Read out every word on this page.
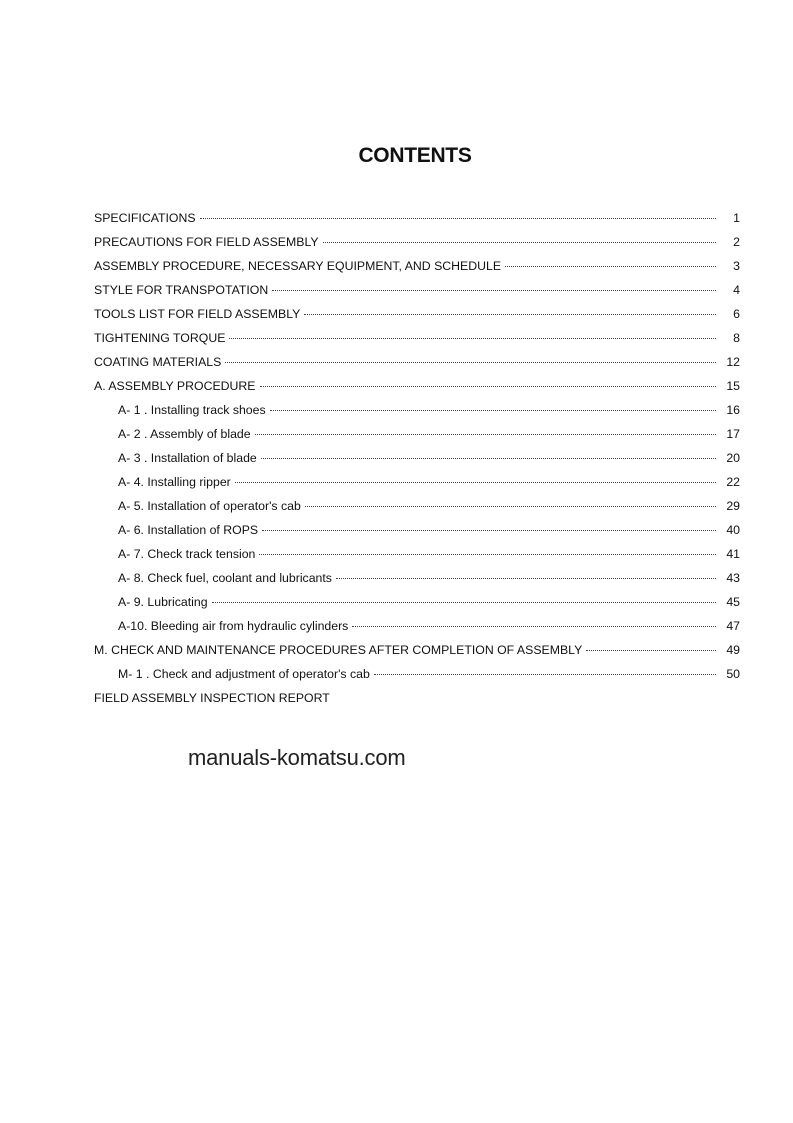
CONTENTS
SPECIFICATIONS	1
PRECAUTIONS FOR FIELD ASSEMBLY	2
ASSEMBLY PROCEDURE, NECESSARY EQUIPMENT, AND SCHEDULE	3
STYLE FOR TRANSPOTATION	4
TOOLS LIST FOR FIELD ASSEMBLY	6
TIGHTENING TORQUE	8
COATING MATERIALS	12
A. ASSEMBLY PROCEDURE	15
A- 1 . Installing track shoes	16
A- 2 . Assembly of blade	17
A- 3 . Installation of blade	20
A- 4. Installing ripper	22
A- 5. Installation of operator's cab	29
A- 6. Installation of ROPS	40
A- 7. Check track tension	41
A- 8. Check fuel, coolant and lubricants	43
A- 9. Lubricating	45
A-10. Bleeding air from hydraulic cylinders	47
M. CHECK AND MAINTENANCE PROCEDURES AFTER COMPLETION OF ASSEMBLY	49
M- 1 . Check and adjustment of operator's cab	50
FIELD ASSEMBLY INSPECTION REPORT
manuals-komatsu.com
